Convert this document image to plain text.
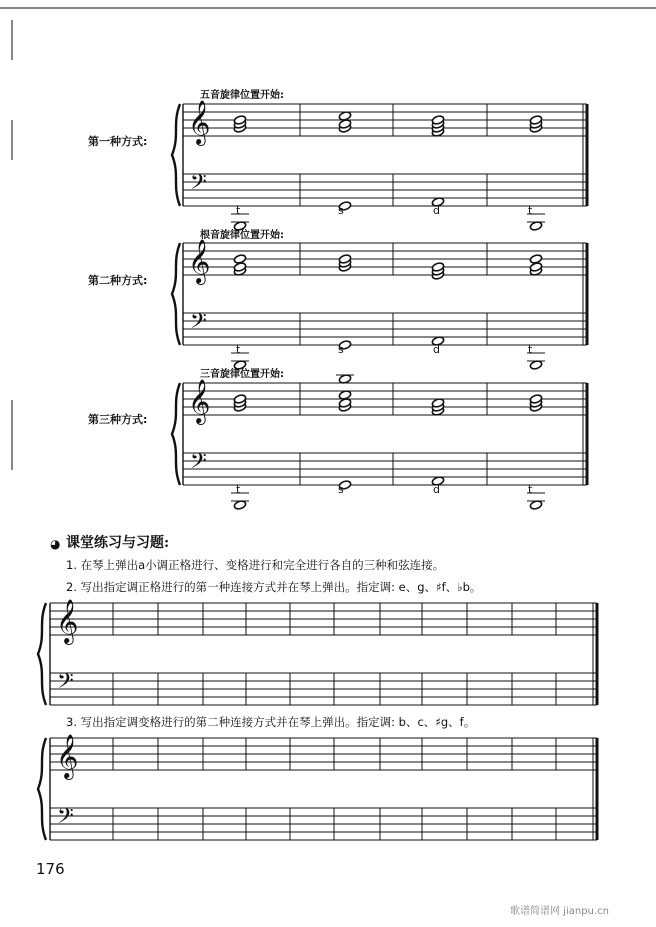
𝄞
𝄢
𝄞
𝄢
𝄞
𝄢
𝄞
𝄢
𝄞
𝄢
五音旋律位置开始:
第一种方式:
t	s	d	t
根音旋律位置开始:
第二种方式:
t	s	d	t
三音旋律位置开始:
第三种方式:
t	s	d	t
◕ 课堂练习与习题:
1. 在琴上弹出a小调正格进行、变格进行和完全进行各自的三种和弦连接。
2. 写出指定调正格进行的第一种连接方式并在琴上弹出。指定调: e、g、♯f、♭b。
3. 写出指定调变格进行的第二种连接方式并在琴上弹出。指定调: b、c、♯g、f。
176
歌谱简谱网 jianpu.cn
